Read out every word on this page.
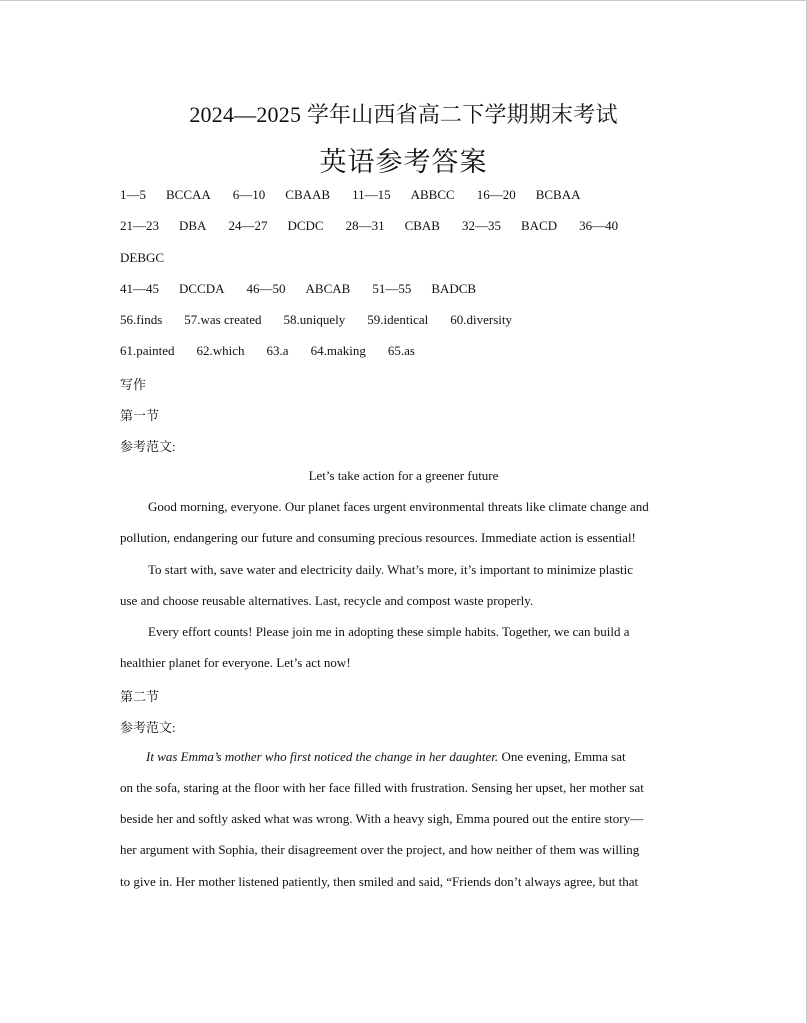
2024—2025 学年山西省高二下学期期末考试
英语参考答案
1—5 BCCAA 6—10 CBAAB 11—15 ABBCC 16—20 BCBAA
21—23 DBA 24—27 DCDC 28—31 CBAB 32—35 BACD 36—40
DEBGC
41—45 DCCDA 46—50 ABCAB 51—55 BADCB
56.finds 57.was created 58.uniquely 59.identical 60.diversity
61.painted 62.which 63.a 64.making 65.as
写作
第一节
参考范文:
Let’s take action for a greener future
Good morning, everyone. Our planet faces urgent environmental threats like climate change and
pollution, endangering our future and consuming precious resources. Immediate action is essential!
To start with, save water and electricity daily. What’s more, it’s important to minimize plastic
use and choose reusable alternatives. Last, recycle and compost waste properly.
Every effort counts! Please join me in adopting these simple habits. Together, we can build a
healthier planet for everyone. Let’s act now!
第二节
参考范文:
It was Emma’s mother who first noticed the change in her daughter. One evening, Emma sat
on the sofa, staring at the floor with her face filled with frustration. Sensing her upset, her mother sat
beside her and softly asked what was wrong. With a heavy sigh, Emma poured out the entire story—
her argument with Sophia, their disagreement over the project, and how neither of them was willing
to give in. Her mother listened patiently, then smiled and said, “Friends don’t always agree, but that
